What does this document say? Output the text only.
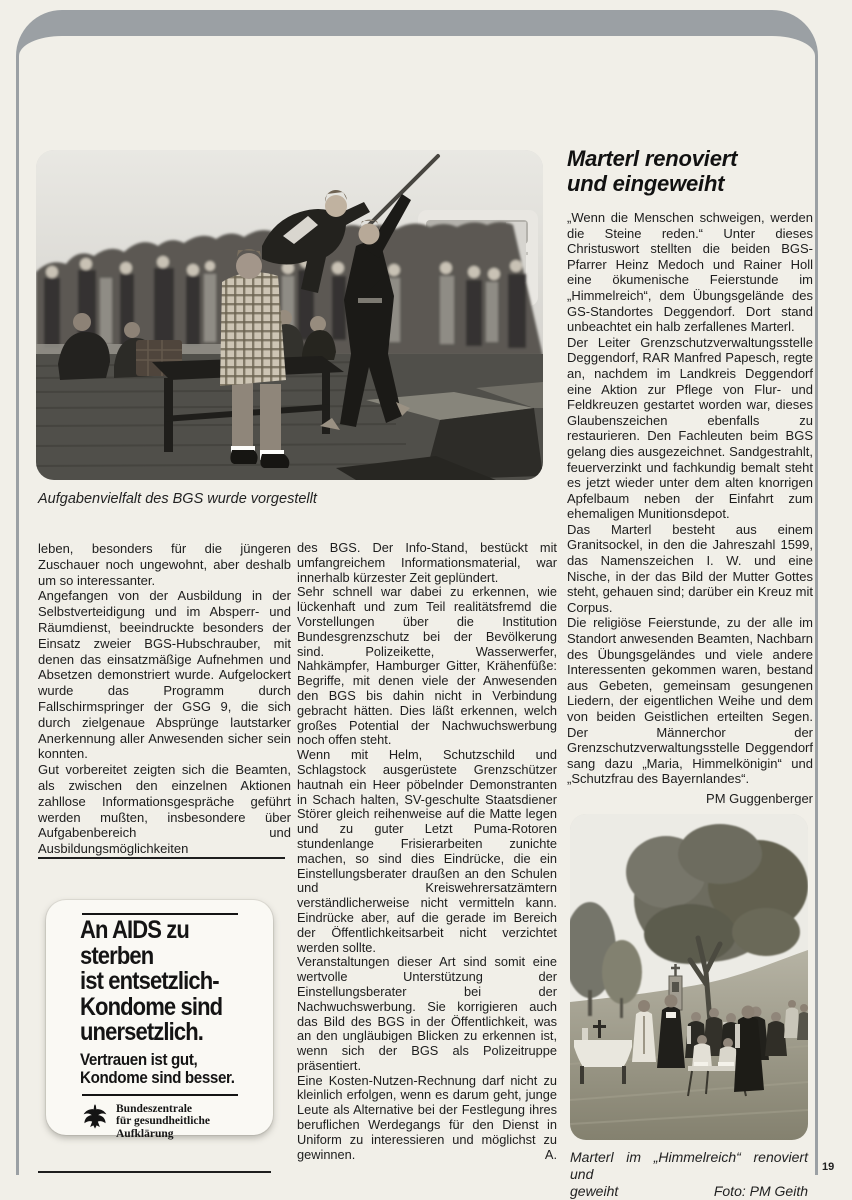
Aufgabenvielfalt des BGS wurde vorgestellt
Marterl renoviert
und eingeweiht

„Wenn die Menschen schweigen, werden die Steine reden.“ Unter dieses Christuswort stellten die beiden BGS-Pfarrer Heinz Medoch und Rainer Holl eine ökumenische Feierstunde im „Himmelreich“, dem Übungsgelände des GS-Standortes Deggendorf. Dort stand unbeachtet ein halb zerfallenes Marterl.

Der Leiter Grenzschutzverwaltungsstelle Deggendorf, RAR Manfred Papesch, regte an, nachdem im Landkreis Deggendorf eine Aktion zur Pflege von Flur- und Feldkreuzen gestartet worden war, dieses Glaubenszeichen ebenfalls zu restaurieren. Den Fachleuten beim BGS gelang dies ausgezeichnet. Sandgestrahlt, feuerverzinkt und fachkundig bemalt steht es jetzt wieder unter dem alten knorrigen Apfelbaum neben der Einfahrt zum ehemaligen Munitionsdepot.

Das Marterl besteht aus einem Granitsockel, in den die Jahreszahl 1599, das Namenszeichen I. W. und eine Nische, in der das Bild der Mutter Gottes steht, gehauen sind; darüber ein Kreuz mit Corpus.

Die religiöse Feierstunde, zu der alle im Standort anwesenden Beamten, Nachbarn des Übungsgeländes und viele andere Interessenten gekommen waren, bestand aus Gebeten, gemeinsam gesungenen Liedern, der eigentlichen Weihe und dem von beiden Geistlichen erteilten Segen. Der Männerchor der Grenzschutzverwaltungsstelle Deggendorf sang dazu „Maria, Himmelkönigin“ und „Schutzfrau des Bayernlandes“.

PM Guggenberger

leben, besonders für die jüngeren Zuschauer noch ungewohnt, aber deshalb um so interessanter.

Angefangen von der Ausbildung in der Selbstverteidigung und im Absperr- und Räumdienst, beeindruckte besonders der Einsatz zweier BGS-Hubschrauber, mit denen das einsatzmäßige Aufnehmen und Absetzen demonstriert wurde. Aufgelockert wurde das Programm durch Fallschirmspringer der GSG 9, die sich durch zielgenaue Absprünge lautstarker Anerkennung aller Anwesenden sicher sein konnten.

Gut vorbereitet zeigten sich die Beamten, als zwischen den einzelnen Aktionen zahllose Informationsgespräche geführt werden mußten, insbesondere über Aufgabenbereich und Ausbildungsmöglichkeiten

des BGS. Der Info-Stand, bestückt mit umfangreichem Informationsmaterial, war innerhalb kürzester Zeit geplündert.

Sehr schnell war dabei zu erkennen, wie lückenhaft und zum Teil realitätsfremd die Vorstellungen über die Institution Bundesgrenzschutz bei der Bevölkerung sind. Polizeikette, Wasserwerfer, Nahkämpfer, Hamburger Gitter, Krähenfüße: Begriffe, mit denen viele der Anwesenden den BGS bis dahin nicht in Verbindung gebracht hätten. Dies läßt erkennen, welch großes Potential der Nachwuchswerbung noch offen steht.

Wenn mit Helm, Schutzschild und Schlagstock ausgerüstete Grenzschützer hautnah ein Heer pöbelnder Demonstranten in Schach halten, SV-geschulte Staatsdiener Störer gleich reihenweise auf die Matte legen und zu guter Letzt Puma-Rotoren stundenlange Frisierarbeiten zunichte machen, so sind dies Eindrücke, die ein Einstellungsberater draußen an den Schulen und Kreiswehrersatzämtern verständlicherweise nicht vermitteln kann. Eindrücke aber, auf die gerade im Bereich der Öffentlichkeitsarbeit nicht verzichtet werden sollte.

Veranstaltungen dieser Art sind somit eine wertvolle Unterstützung der Einstellungsberater bei der Nachwuchswerbung. Sie korrigieren auch das Bild des BGS in der Öffentlichkeit, was an den ungläubigen Blicken zu erkennen ist, wenn sich der BGS als Polizeitruppe präsentiert.

Eine Kosten-Nutzen-Rechnung darf nicht zu kleinlich erfolgen, wenn es darum geht, junge Leute als Alternative bei der Festlegung ihres beruflichen Werdegangs für den Dienst in Uniform zu interessieren und möglichst zu gewinnen.	A.
An AIDS zu
sterben
ist entsetzlich-
Kondome sind
unersetzlich.
Vertrauen ist gut,
Kondome sind besser.
Bundeszentrale
für gesundheitliche
Aufklärung
Marterl im „Himmelreich“ renoviert und
geweiht	Foto: PM Geith
19
